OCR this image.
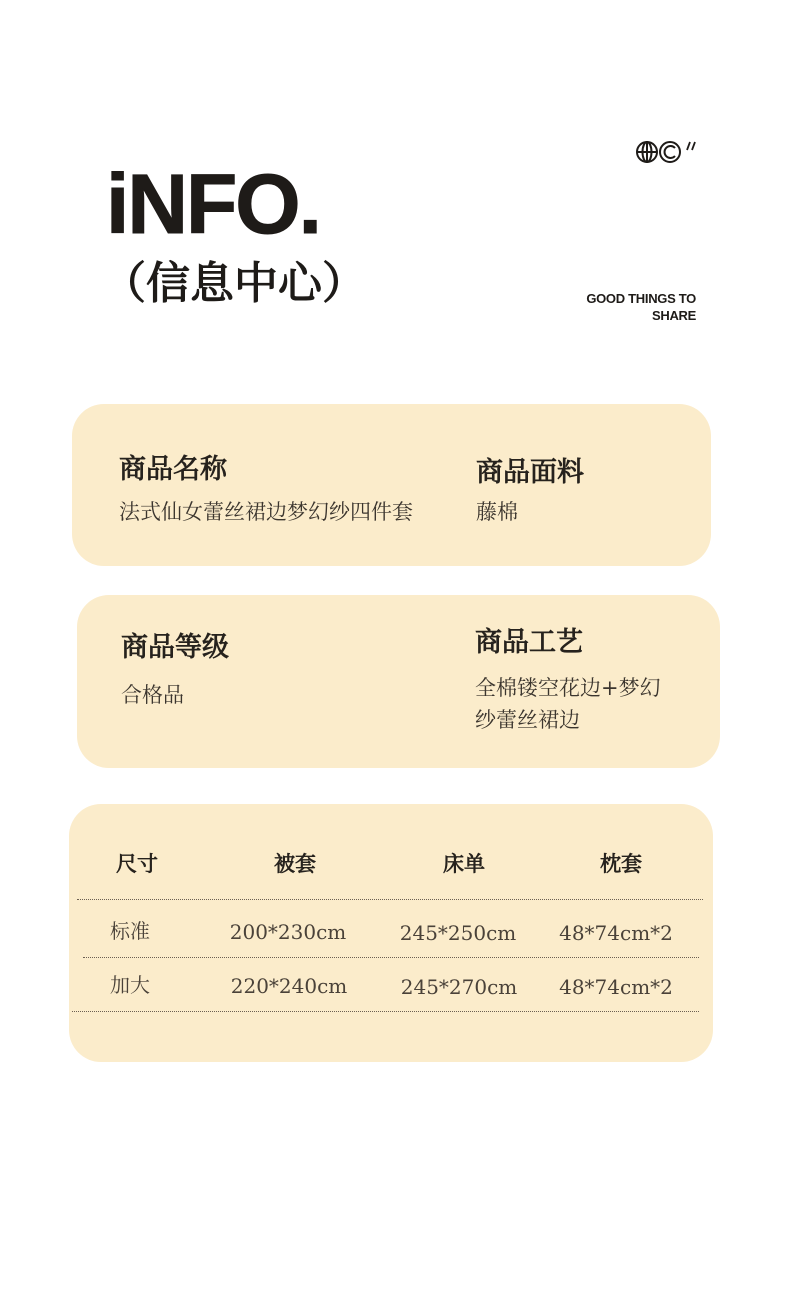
iNFO.
（信息中心）	GOOD THINGS TO
SHARE
商品名称
法式仙女蕾丝裙边梦幻纱四件套
商品面料
藤棉
商品等级
合格品
商品工艺
全棉镂空花边+梦幻
纱蕾丝裙边
尺寸	被套	床单	枕套
标准	200*230cm	245*250cm 48*74cm*2
加大	220*240cm	245*270cm 48*74cm*2
